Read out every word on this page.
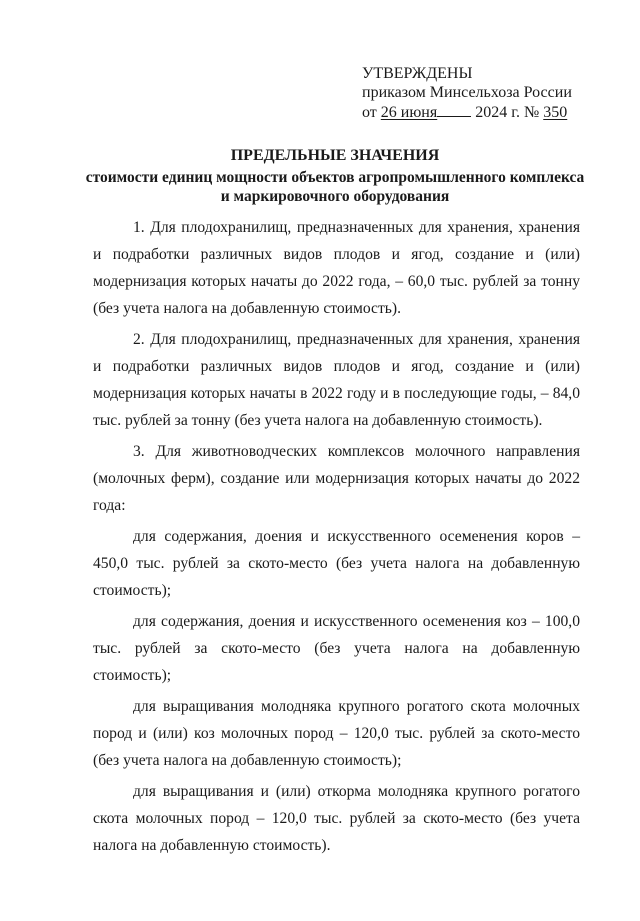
УТВЕРЖДЕНЫ
приказом Минсельхоза России
от 26 июня 2024 г. № 350
ПРЕДЕЛЬНЫЕ ЗНАЧЕНИЯ
стоимости единиц мощности объектов агропромышленного комплекса
и маркировочного оборудования

1. Для плодохранилищ, предназначенных для хранения, хранения и подработки различных видов плодов и ягод, создание и (или) модернизация которых начаты до 2022 года, – 60,0 тыс. рублей за тонну (без учета налога на добавленную стоимость).

2. Для плодохранилищ, предназначенных для хранения, хранения и подработки различных видов плодов и ягод, создание и (или) модернизация которых начаты в 2022 году и в последующие годы, – 84,0 тыс. рублей за тонну (без учета налога на добавленную стоимость).

3. Для животноводческих комплексов молочного направления (молочных ферм), создание или модернизация которых начаты до 2022 года:

для содержания, доения и искусственного осеменения коров – 450,0 тыс. рублей за ското-место (без учета налога на добавленную стоимость);

для содержания, доения и искусственного осеменения коз – 100,0 тыс. рублей за ското-место (без учета налога на добавленную стоимость);

для выращивания молодняка крупного рогатого скота молочных пород и (или) коз молочных пород – 120,0 тыс. рублей за ското-место (без учета налога на добавленную стоимость);

для выращивания и (или) откорма молодняка крупного рогатого скота молочных пород – 120,0 тыс. рублей за ското-место (без учета налога на добавленную стоимость).
